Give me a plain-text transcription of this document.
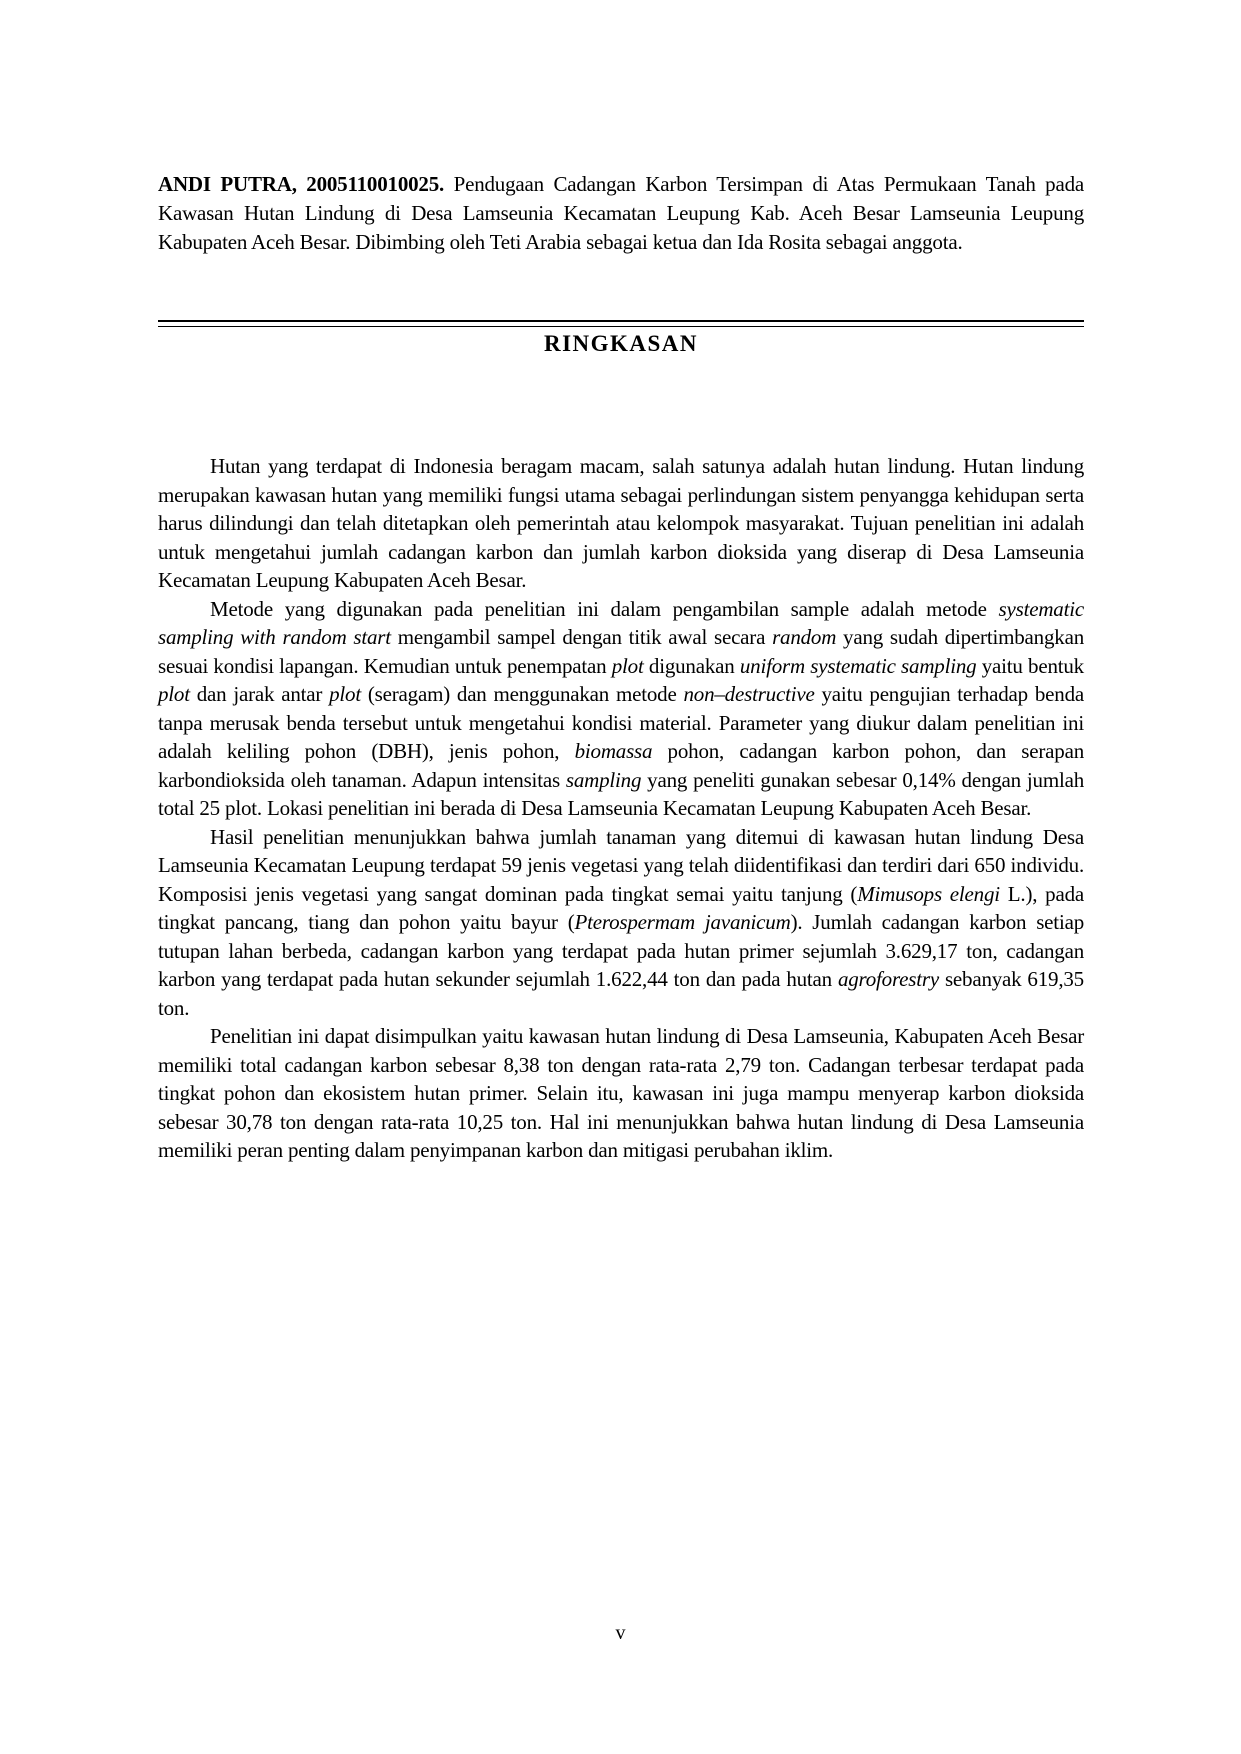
ANDI PUTRA, 2005110010025. Pendugaan Cadangan Karbon Tersimpan di Atas Permukaan Tanah pada Kawasan Hutan Lindung di Desa Lamseunia Kecamatan Leupung Kab. Aceh Besar Lamseunia Leupung Kabupaten Aceh Besar. Dibimbing oleh Teti Arabia sebagai ketua dan Ida Rosita sebagai anggota.

RINGKASAN

Hutan yang terdapat di Indonesia beragam macam, salah satunya adalah hutan lindung. Hutan lindung merupakan kawasan hutan yang memiliki fungsi utama sebagai perlindungan sistem penyangga kehidupan serta harus dilindungi dan telah ditetapkan oleh pemerintah atau kelompok masyarakat. Tujuan penelitian ini adalah untuk mengetahui jumlah cadangan karbon dan jumlah karbon dioksida yang diserap di Desa Lamseunia Kecamatan Leupung Kabupaten Aceh Besar.

Metode yang digunakan pada penelitian ini dalam pengambilan sample adalah metode systematic sampling with random start mengambil sampel dengan titik awal secara random yang sudah dipertimbangkan sesuai kondisi lapangan. Kemudian untuk penempatan plot digunakan uniform systematic sampling yaitu bentuk plot dan jarak antar plot (seragam) dan menggunakan metode non–destructive yaitu pengujian terhadap benda tanpa merusak benda tersebut untuk mengetahui kondisi material. Parameter yang diukur dalam penelitian ini adalah keliling pohon (DBH), jenis pohon, biomassa pohon, cadangan karbon pohon, dan serapan karbondioksida oleh tanaman. Adapun intensitas sampling yang peneliti gunakan sebesar 0,14% dengan jumlah total 25 plot. Lokasi penelitian ini berada di Desa Lamseunia Kecamatan Leupung Kabupaten Aceh Besar.

Hasil penelitian menunjukkan bahwa jumlah tanaman yang ditemui di kawasan hutan lindung Desa Lamseunia Kecamatan Leupung terdapat 59 jenis vegetasi yang telah diidentifikasi dan terdiri dari 650 individu. Komposisi jenis vegetasi yang sangat dominan pada tingkat semai yaitu tanjung (Mimusops elengi L.), pada tingkat pancang, tiang dan pohon yaitu bayur (Pterospermam javanicum). Jumlah cadangan karbon setiap tutupan lahan berbeda, cadangan karbon yang terdapat pada hutan primer sejumlah 3.629,17 ton, cadangan karbon yang terdapat pada hutan sekunder sejumlah 1.622,44 ton dan pada hutan agroforestry sebanyak 619,35 ton.

Penelitian ini dapat disimpulkan yaitu kawasan hutan lindung di Desa Lamseunia, Kabupaten Aceh Besar memiliki total cadangan karbon sebesar 8,38 ton dengan rata-rata 2,79 ton. Cadangan terbesar terdapat pada tingkat pohon dan ekosistem hutan primer. Selain itu, kawasan ini juga mampu menyerap karbon dioksida sebesar 30,78 ton dengan rata-rata 10,25 ton. Hal ini menunjukkan bahwa hutan lindung di Desa Lamseunia memiliki peran penting dalam penyimpanan karbon dan mitigasi perubahan iklim.

v
